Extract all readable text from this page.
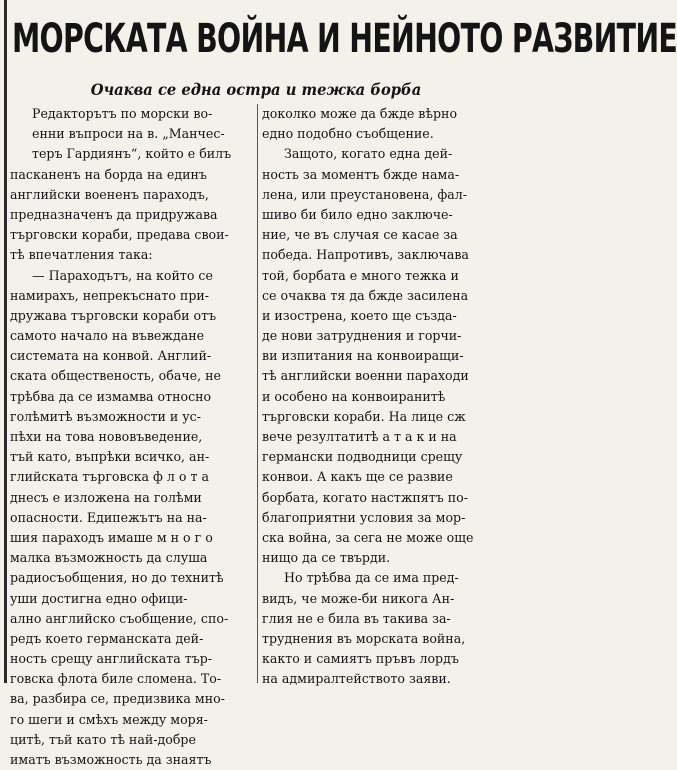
МОРСКАТА ВОЙНА И НЕЙНОТО РАЗВИТИЕ
Очаква се една остра и тежка борба
Редакторътъ по морски во-
енни въпроси на в. „Манчес-
теръ Гардиянъ“, който е билъ
пасканенъ на борда на единъ
английски воененъ параходъ,
предназначенъ да придружава
търговски кораби, предава свои-
тѣ впечатления така:
— Параходътъ, на който се
намирахъ, непрекъснато при-
дружава търговски кораби отъ
самото начало на въвеждане
системата на конвой. Англий-
ската общественость, обаче, не
трѣбва да се измамва относно
голѣмитѣ възможности и ус-
пѣхи на това нововъведение,
тъй като, въпрѣки всичко, ан-
глийската търговска ф л о т а
днесъ е изложена на голѣми
опасности. Едипежътъ на на-
шия параходъ имаше м н о г о
малка възможность да слуша
радиосъобщения, но до технитѣ
уши достигна едно офици-
ално английско съобщение, спо-
редъ което германската дей-
ность срещу английската тър-
говска флота биле сломена. То-
ва, разбира се, предизвика мно-
го шеги и смѣхъ между моря-
цитѣ, тъй като тѣ най-добре
иматъ възможность да знаятъ
доколко може да бжде вѣрно
едно подобно съобщение.
Защото, когато една дей-
ность за моментъ бжде нама-
лена, или преустановена, фал-
шиво би било едно заключе-
ние, че въ случая се касае за
победа. Напротивъ, заключава
той, борбата е много тежка и
се очаква тя да бжде засилена
и изострена, което ще създа-
де нови затруднения и горчи-
ви изпитания на конвоиращи-
тѣ английски военни параходи
и особено на конвоиранитѣ
търговски кораби. На лице сж
вече резултатитѣ а т а к и на
германски подводници срещу
конвои. А какъ ще се развие
борбата, когато настжпятъ по-
благоприятни условия за мор-
ска война, за сега не може още
нищо да се твърди.
Но трѣбва да се има пред-
видъ, че може-би никога Ан-
глия не е била въ такива за-
труднения въ морската война,
както и самиятъ пръвъ лордъ
на адмиралтейството заяви.
